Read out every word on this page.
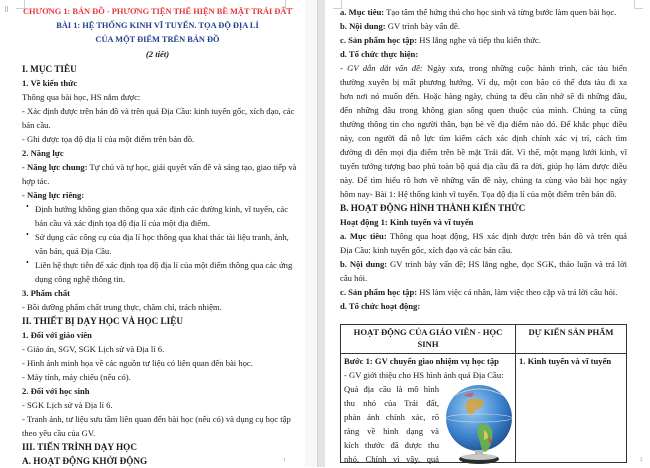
⠿	CHƯƠNG 1: BẢN ĐỒ - PHƯƠNG TIỆN THỂ HIỆN BỀ MẶT TRÁI ĐẤT
BÀI 1: HỆ THỐNG KINH VĨ TUYẾN. TỌA ĐỘ ĐỊA LÍ
CỦA MỘT ĐIỂM TRÊN BẢN ĐỒ
(2 tiết)
I. MỤC TIÊU
1. Về kiến thức
Thông qua bài học, HS nắm được:
- Xác định được trên bản đồ và trên quả Địa Cầu: kinh tuyến gốc, xích đạo, các
bán cầu.
- Ghi được tọa độ địa lí của một điểm trên bản đồ.
2. Năng lực
- Năng lực chung: Tự chủ và tự học, giải quyết vấn đề và sáng tạo, giao tiếp và
hợp tác.
- Năng lực riêng:
• Định hướng không gian thông qua xác định các đường kinh, vĩ tuyến, các
bán cầu và xác định tọa độ địa lí của một địa điểm.
• Sử dụng các công cụ của địa lí học thông qua khai thác tài liệu tranh, ảnh,
văn bản, quả Địa Cầu.
• Liên hệ thực tiễn để xác định tọa độ địa lí của một điểm thông qua các ứng
dụng công nghệ thông tin.
3. Phẩm chất
- Bồi dưỡng phẩm chất trung thực, chăm chỉ, trách nhiệm.
II. THIẾT BỊ DẠY HỌC VÀ HỌC LIỆU
1. Đối với giáo viên
- Giáo án, SGV, SGK Lịch sử và Địa lí 6.
- Hình ảnh minh họa về các nguồn tư liệu có liên quan đến bài học.
- Máy tính, máy chiếu (nếu có).
2. Đối với học sinh
- SGK Lịch sử và Địa lí 6.
- Tranh ảnh, tư liệu sưu tầm liên quan đến bài học (nếu có) và dụng cụ học tập
theo yêu cầu của GV.
III. TIẾN TRÌNH DẠY HỌC
A. HOẠT ĐỘNG KHỞI ĐỘNG	1
a. Mục tiêu: Tạo tâm thế hứng thú cho học sinh và từng bước làm quen bài học.
b. Nội dung: GV trình bày vấn đề.
c. Sản phẩm học tập: HS lắng nghe và tiếp thu kiến thức.
d. Tổ chức thực hiện:
- GV dẫn dắt vấn đề: Ngày xưa, trong những cuộc hành trình, các tàu biển
thường xuyên bị mất phương hướng. Ví dụ, một con bão có thể đưa tàu đi xa
hơn nơi nó muốn đến. Hoặc hàng ngày, chúng ta đều cần nhớ sẽ đi những đâu,
đến những đâu trong không gian sống quen thuộc của mình. Chúng ta cũng
thường thông tin cho người thân, bạn bè về địa điểm nào đó. Để khắc phục điều
này, con người đã nỗ lực tìm kiếm cách xác định chính xác vị trí, cách tìm
đường đi đến mọi địa điểm trên bề mặt Trái đất. Vì thế, một mạng lưới kinh, vĩ
tuyến tưởng tượng bao phủ toàn bộ quả địa cầu đã ra đời, giúp họ làm được điều
này. Để tìm hiểu rõ hơn về những vấn đề này, chúng ta cùng vào bài học ngày
hôm nay- Bài 1: Hệ thống kinh vĩ tuyến. Tọa độ địa lí của một điểm trên bản đồ.
B. HOẠT ĐỘNG HÌNH THÀNH KIẾN THỨC
Hoạt động 1: Kinh tuyến và vĩ tuyến
a. Mục tiêu: Thông qua hoạt động, HS xác định được trên bản đồ và trên quả
Địa Cầu: kinh tuyến gốc, xích đạo và các bán cầu.
b. Nội dung: GV trình bày vấn đề; HS lắng nghe, đọc SGK, thảo luận và trả lời
câu hỏi.
c. Sản phẩm học tập: HS làm việc cá nhân, làm việc theo cặp và trả lời câu hỏi.
d. Tổ chức hoạt động:
HOẠT ĐỘNG CỦA GIÁO VIÊN - HỌC SINH	DỰ KIẾN SẢN PHẨM

Bước 1: GV chuyển giao nhiệm vụ học tập
- GV giới thiệu cho HS hình ảnh quả Địa Cầu:
Quả địa cầu là mô hình
thu nhỏ của Trái đất,
phản ánh chính xác, rõ
ràng về hình dạng và
kích thước đã được thu
nhỏ. Chính vì vậy, quả
	1. Kinh tuyến và vĩ tuyến
2
